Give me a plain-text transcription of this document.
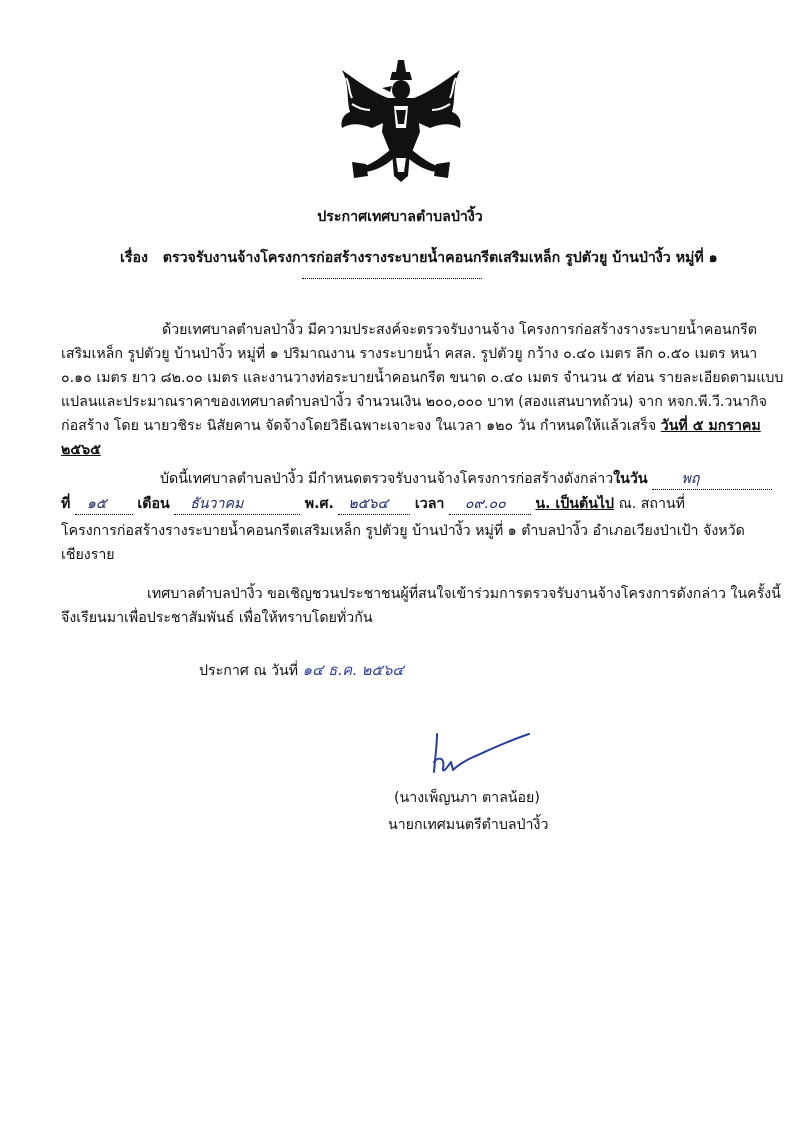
ประกาศเทศบาลตำบลป่างิ้ว
เรื่อง ตรวจรับงานจ้างโครงการก่อสร้างรางระบายน้ำคอนกรีตเสริมเหล็ก รูปตัวยู บ้านป่างิ้ว หมู่ที่ ๑
ด้วยเทศบาลตำบลป่างิ้ว มีความประสงค์จะตรวจรับงานจ้าง โครงการก่อสร้างรางระบายน้ำคอนกรีต
เสริมเหล็ก รูปตัวยู บ้านป่างิ้ว หมู่ที่ ๑ ปริมาณงาน รางระบายน้ำ คสล. รูปตัวยู กว้าง ๐.๔๐ เมตร ลึก ๐.๕๐ เมตร หนา
๐.๑๐ เมตร ยาว ๘๒.๐๐ เมตร และงานวางท่อระบายน้ำคอนกรีต ขนาด ๐.๔๐ เมตร จำนวน ๕ ท่อน รายละเอียดตามแบบ
แปลนและประมาณราคาของเทศบาลตำบลป่างิ้ว จำนวนเงิน ๒๐๐,๐๐๐ บาท (สองแสนบาทถ้วน) จาก หจก.พี.วี.วนากิจ
ก่อสร้าง โดย นายวชิระ นิสัยคาน จัดจ้างโดยวิธีเฉพาะเจาะจง ในเวลา ๑๒๐ วัน กำหนดให้แล้วเสร็จ วันที่ ๕ มกราคม
๒๕๖๕
บัดนี้เทศบาลตำบลป่างิ้ว มีกำหนดตรวจรับงานจ้างโครงการก่อสร้างดังกล่าวในวัน พฤ
ที่ ๑๕ เดือน ธันวาคม	พ.ศ. ๒๕๖๔ เวลา ๐๙.๐๐ น. เป็นต้นไป ณ. สถานที่
โครงการก่อสร้างรางระบายน้ำคอนกรีตเสริมเหล็ก รูปตัวยู บ้านป่างิ้ว หมู่ที่ ๑ ตำบลป่างิ้ว อำเภอเวียงป่าเป้า จังหวัด
เชียงราย
เทศบาลตำบลป่างิ้ว ขอเชิญชวนประชาชนผู้ที่สนใจเข้าร่วมการตรวจรับงานจ้างโครงการดังกล่าว ในครั้งนี้
จึงเรียนมาเพื่อประชาสัมพันธ์ เพื่อให้ทราบโดยทั่วกัน
ประกาศ ณ วันที่ ๑๔ ธ.ค. ๒๕๖๔
(นางเพ็ญนภา ตาลน้อย)
นายกเทศมนตรีตำบลป่างิ้ว
